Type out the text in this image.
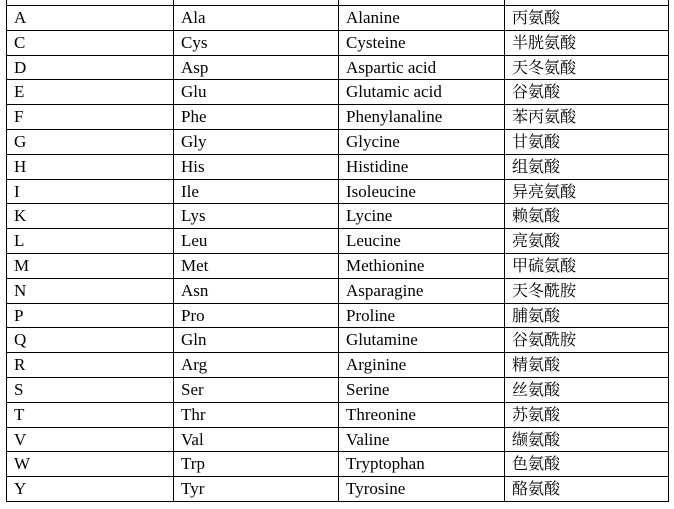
A	Ala	Alanine	丙氨酸
C	Cys	Cysteine	半胱氨酸
D	Asp	Aspartic acid	天冬氨酸
E	Glu	Glutamic acid	谷氨酸
F	Phe	Phenylanaline	苯丙氨酸
G	Gly	Glycine	甘氨酸
H	His	Histidine	组氨酸
I	Ile	Isoleucine	异亮氨酸
K	Lys	Lycine	赖氨酸
L	Leu	Leucine	亮氨酸
M	Met	Methionine	甲硫氨酸
N	Asn	Asparagine	天冬酰胺
P	Pro	Proline	脯氨酸
Q	Gln	Glutamine	谷氨酰胺
R	Arg	Arginine	精氨酸
S	Ser	Serine	丝氨酸
T	Thr	Threonine	苏氨酸
V	Val	Valine	缬氨酸
W	Trp	Tryptophan	色氨酸
Y	Tyr	Tyrosine	酪氨酸
